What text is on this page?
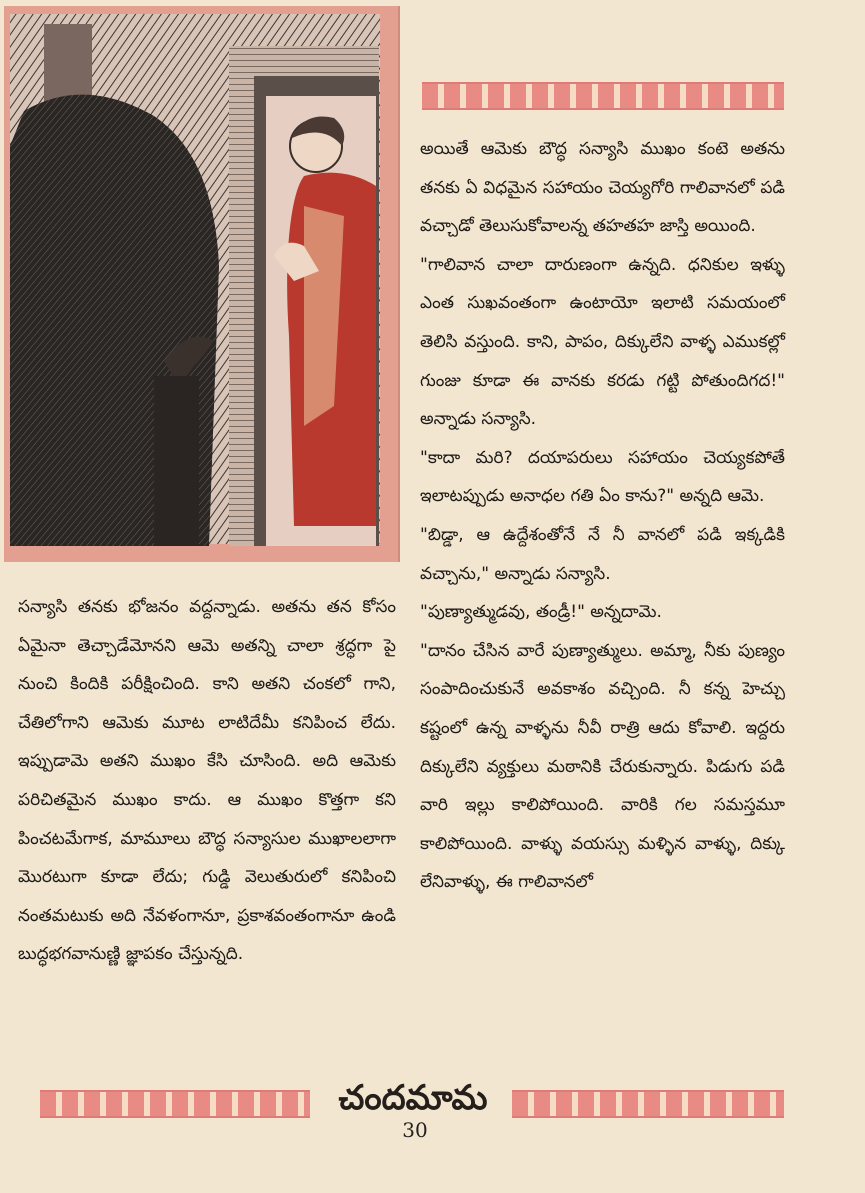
సన్యాసి తనకు భోజనం వద్దన్నాడు. అతను తన కోసం ఏమైనా తెచ్చాడేమోనని ఆమె అతన్ని చాలా శ్రద్ధగా పై నుంచి కిందికి పరీక్షించింది. కాని అతని చంకలో గాని, చేతిలోగాని ఆమెకు మూట లాటిదేమీ కనిపించ లేదు. ఇప్పుడామె అతని ముఖం కేసి చూసింది. అది ఆమెకు పరిచితమైన ముఖం కాదు. ఆ ముఖం కొత్తగా కని పించటమేగాక, మామూలు బౌద్ధ సన్యాసుల ముఖాలలాగా మొరటుగా కూడా లేదు; గుడ్డి వెలుతురులో కనిపించి నంతమటుకు అది నేవళంగానూ, ప్రకాశవంతంగానూ ఉండి బుద్ధభగవానుణ్ణి జ్ఞాపకం చేస్తున్నది.

అయితే ఆమెకు బౌద్ధ సన్యాసి ముఖం కంటె అతను తనకు ఏ విధమైన సహాయం చెయ్యగోరి గాలివానలో పడి వచ్చాడో తెలుసుకోవాలన్న తహతహ జాస్తి అయింది.

"గాలివాన చాలా దారుణంగా ఉన్నది. ధనికుల ఇళ్ళు ఎంత సుఖవంతంగా ఉంటాయో ఇలాటి సమయంలో తెలిసి వస్తుంది. కాని, పాపం, దిక్కులేని వాళ్ళ ఎముకల్లో గుంజు కూడా ఈ వానకు కరడు గట్టి పోతుందిగద!" అన్నాడు సన్యాసి.

"కాదా మరి? దయాపరులు సహాయం చెయ్యకపోతే ఇలాటప్పుడు అనాధల గతి ఏం కాను?" అన్నది ఆమె.

"బిడ్డా, ఆ ఉద్దేశంతోనే నే నీ వానలో పడి ఇక్కడికి వచ్చాను," అన్నాడు సన్యాసి.

"పుణ్యాత్ముడవు, తండ్రీ!" అన్నదామె.

"దానం చేసిన వారే పుణ్యాత్ములు. అమ్మా, నీకు పుణ్యం సంపాదించుకునే అవకాశం వచ్చింది. నీ కన్న హెచ్చు కష్టంలో ఉన్న వాళ్ళను నీవీ రాత్రి ఆదు కోవాలి. ఇద్దరు దిక్కులేని వ్యక్తులు మఠానికి చేరుకున్నారు. పిడుగు పడి వారి ఇల్లు కాలిపోయింది. వారికి గల సమస్తమూ కాలిపోయింది. వాళ్ళు వయస్సు మళ్ళిన వాళ్ళు, దిక్కు లేనివాళ్ళు, ఈ గాలివానలో

చందమామ
30
